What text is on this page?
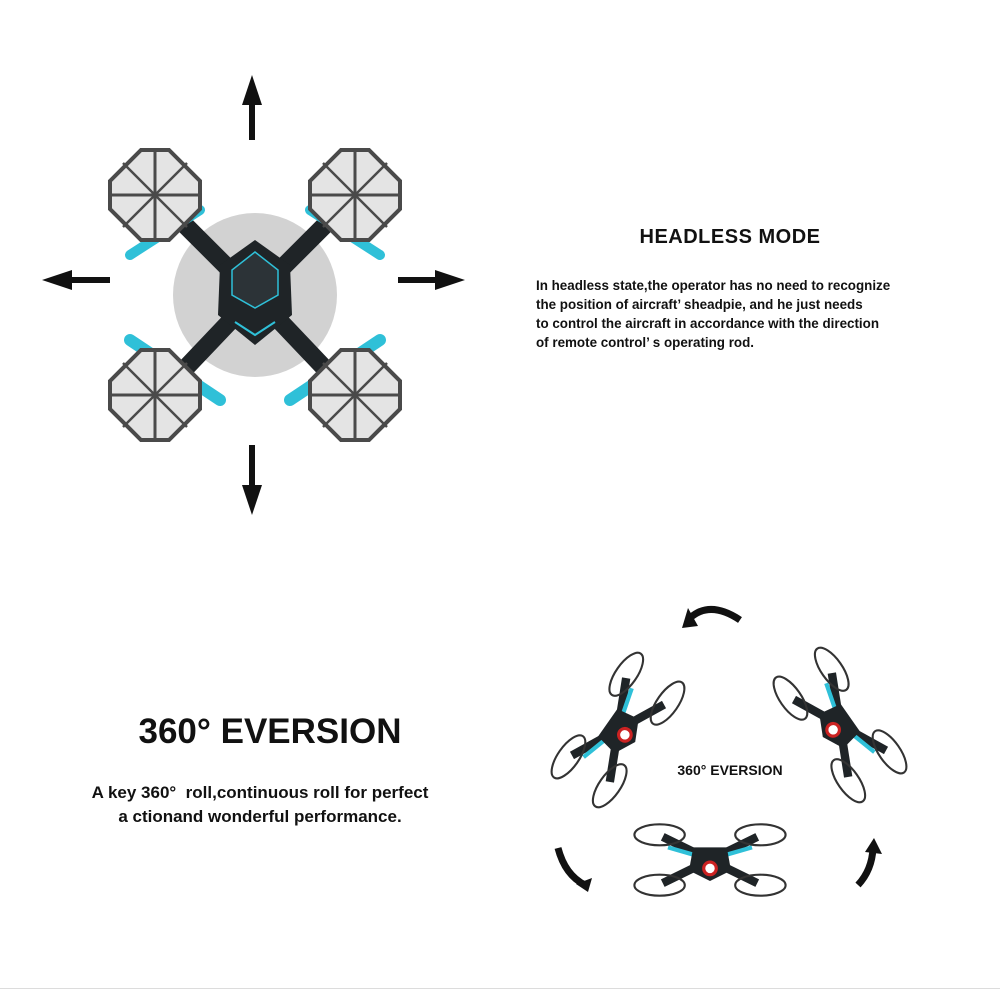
HEADLESS MODE
In headless state,the operator has no need to recognize
the position of aircraft’ sheadpie, and he just needs
to control the aircraft in accordance with the direction
of remote control’ s operating rod.
360° EVERSION
A key 360°  roll,continuous roll for perfect
a ctionand wonderful performance.
360° EVERSION
